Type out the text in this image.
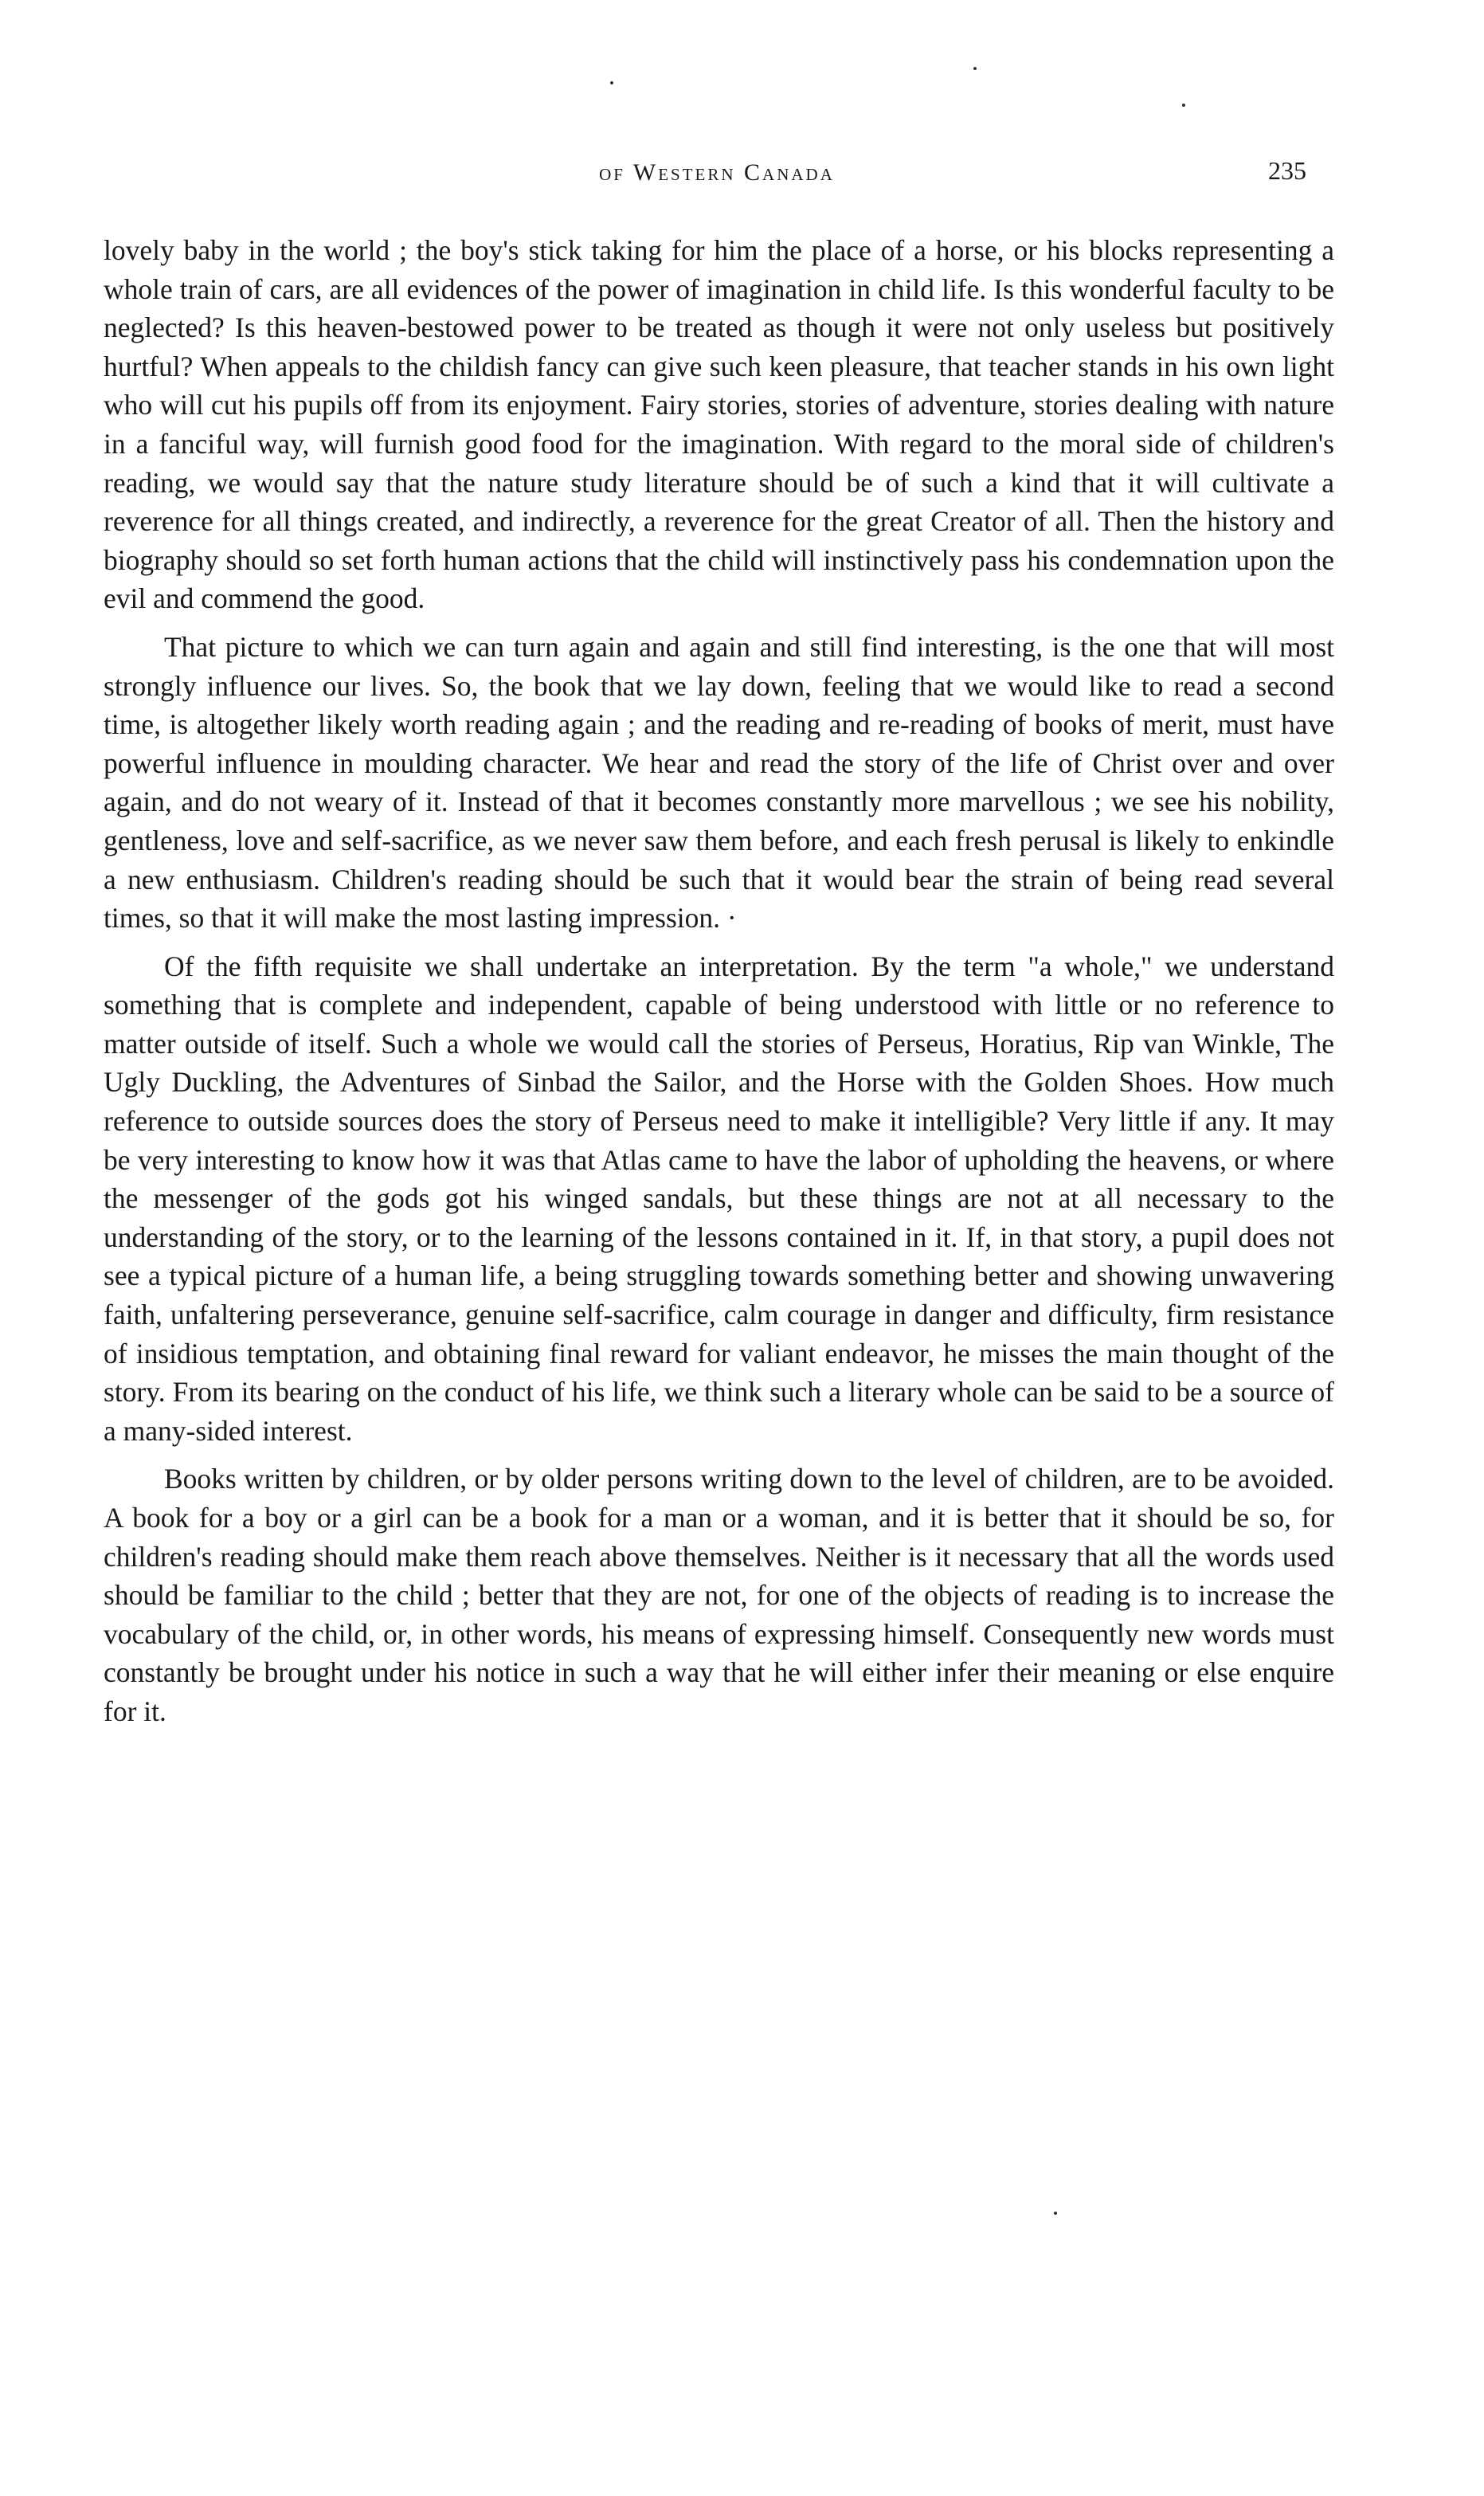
of Western Canada	235

lovely baby in the world ; the boy's stick taking for him the place of a horse, or his blocks representing a whole train of cars, are all evidences of the power of imagination in child life. Is this wonderful faculty to be neglected? Is this heaven-bestowed power to be treated as though it were not only useless but positively hurtful? When appeals to the childish fancy can give such keen pleasure, that teacher stands in his own light who will cut his pupils off from its enjoyment. Fairy stories, stories of adventure, stories dealing with nature in a fanciful way, will furnish good food for the imagination. With regard to the moral side of children's reading, we would say that the nature study literature should be of such a kind that it will cultivate a reverence for all things created, and indirectly, a reverence for the great Creator of all. Then the history and biography should so set forth human actions that the child will instinctively pass his condemnation upon the evil and commend the good.

That picture to which we can turn again and again and still find interesting, is the one that will most strongly influence our lives. So, the book that we lay down, feeling that we would like to read a second time, is altogether likely worth reading again ; and the reading and re-reading of books of merit, must have powerful influence in moulding character. We hear and read the story of the life of Christ over and over again, and do not weary of it. Instead of that it becomes constantly more marvellous ; we see his nobility, gentleness, love and self-sacrifice, as we never saw them before, and each fresh perusal is likely to enkindle a new enthusiasm. Children's reading should be such that it would bear the strain of being read several times, so that it will make the most lasting impression. ·

Of the fifth requisite we shall undertake an interpretation. By the term "a whole," we understand something that is complete and independent, capable of being understood with little or no reference to matter outside of itself. Such a whole we would call the stories of Perseus, Horatius, Rip van Winkle, The Ugly Duckling, the Adventures of Sinbad the Sailor, and the Horse with the Golden Shoes. How much reference to outside sources does the story of Perseus need to make it intelligible? Very little if any. It may be very interesting to know how it was that Atlas came to have the labor of upholding the heavens, or where the messenger of the gods got his winged sandals, but these things are not at all necessary to the understanding of the story, or to the learning of the lessons contained in it. If, in that story, a pupil does not see a typical picture of a human life, a being struggling towards something better and showing unwavering faith, unfaltering perseverance, genuine self-sacrifice, calm courage in danger and difficulty, firm resistance of insidious temptation, and obtaining final reward for valiant endeavor, he misses the main thought of the story. From its bearing on the conduct of his life, we think such a literary whole can be said to be a source of a many-sided interest.

Books written by children, or by older persons writing down to the level of children, are to be avoided. A book for a boy or a girl can be a book for a man or a woman, and it is better that it should be so, for children's reading should make them reach above themselves. Neither is it necessary that all the words used should be familiar to the child ; better that they are not, for one of the objects of reading is to increase the vocabulary of the child, or, in other words, his means of expressing himself. Consequently new words must constantly be brought under his notice in such a way that he will either infer their meaning or else enquire for it.
